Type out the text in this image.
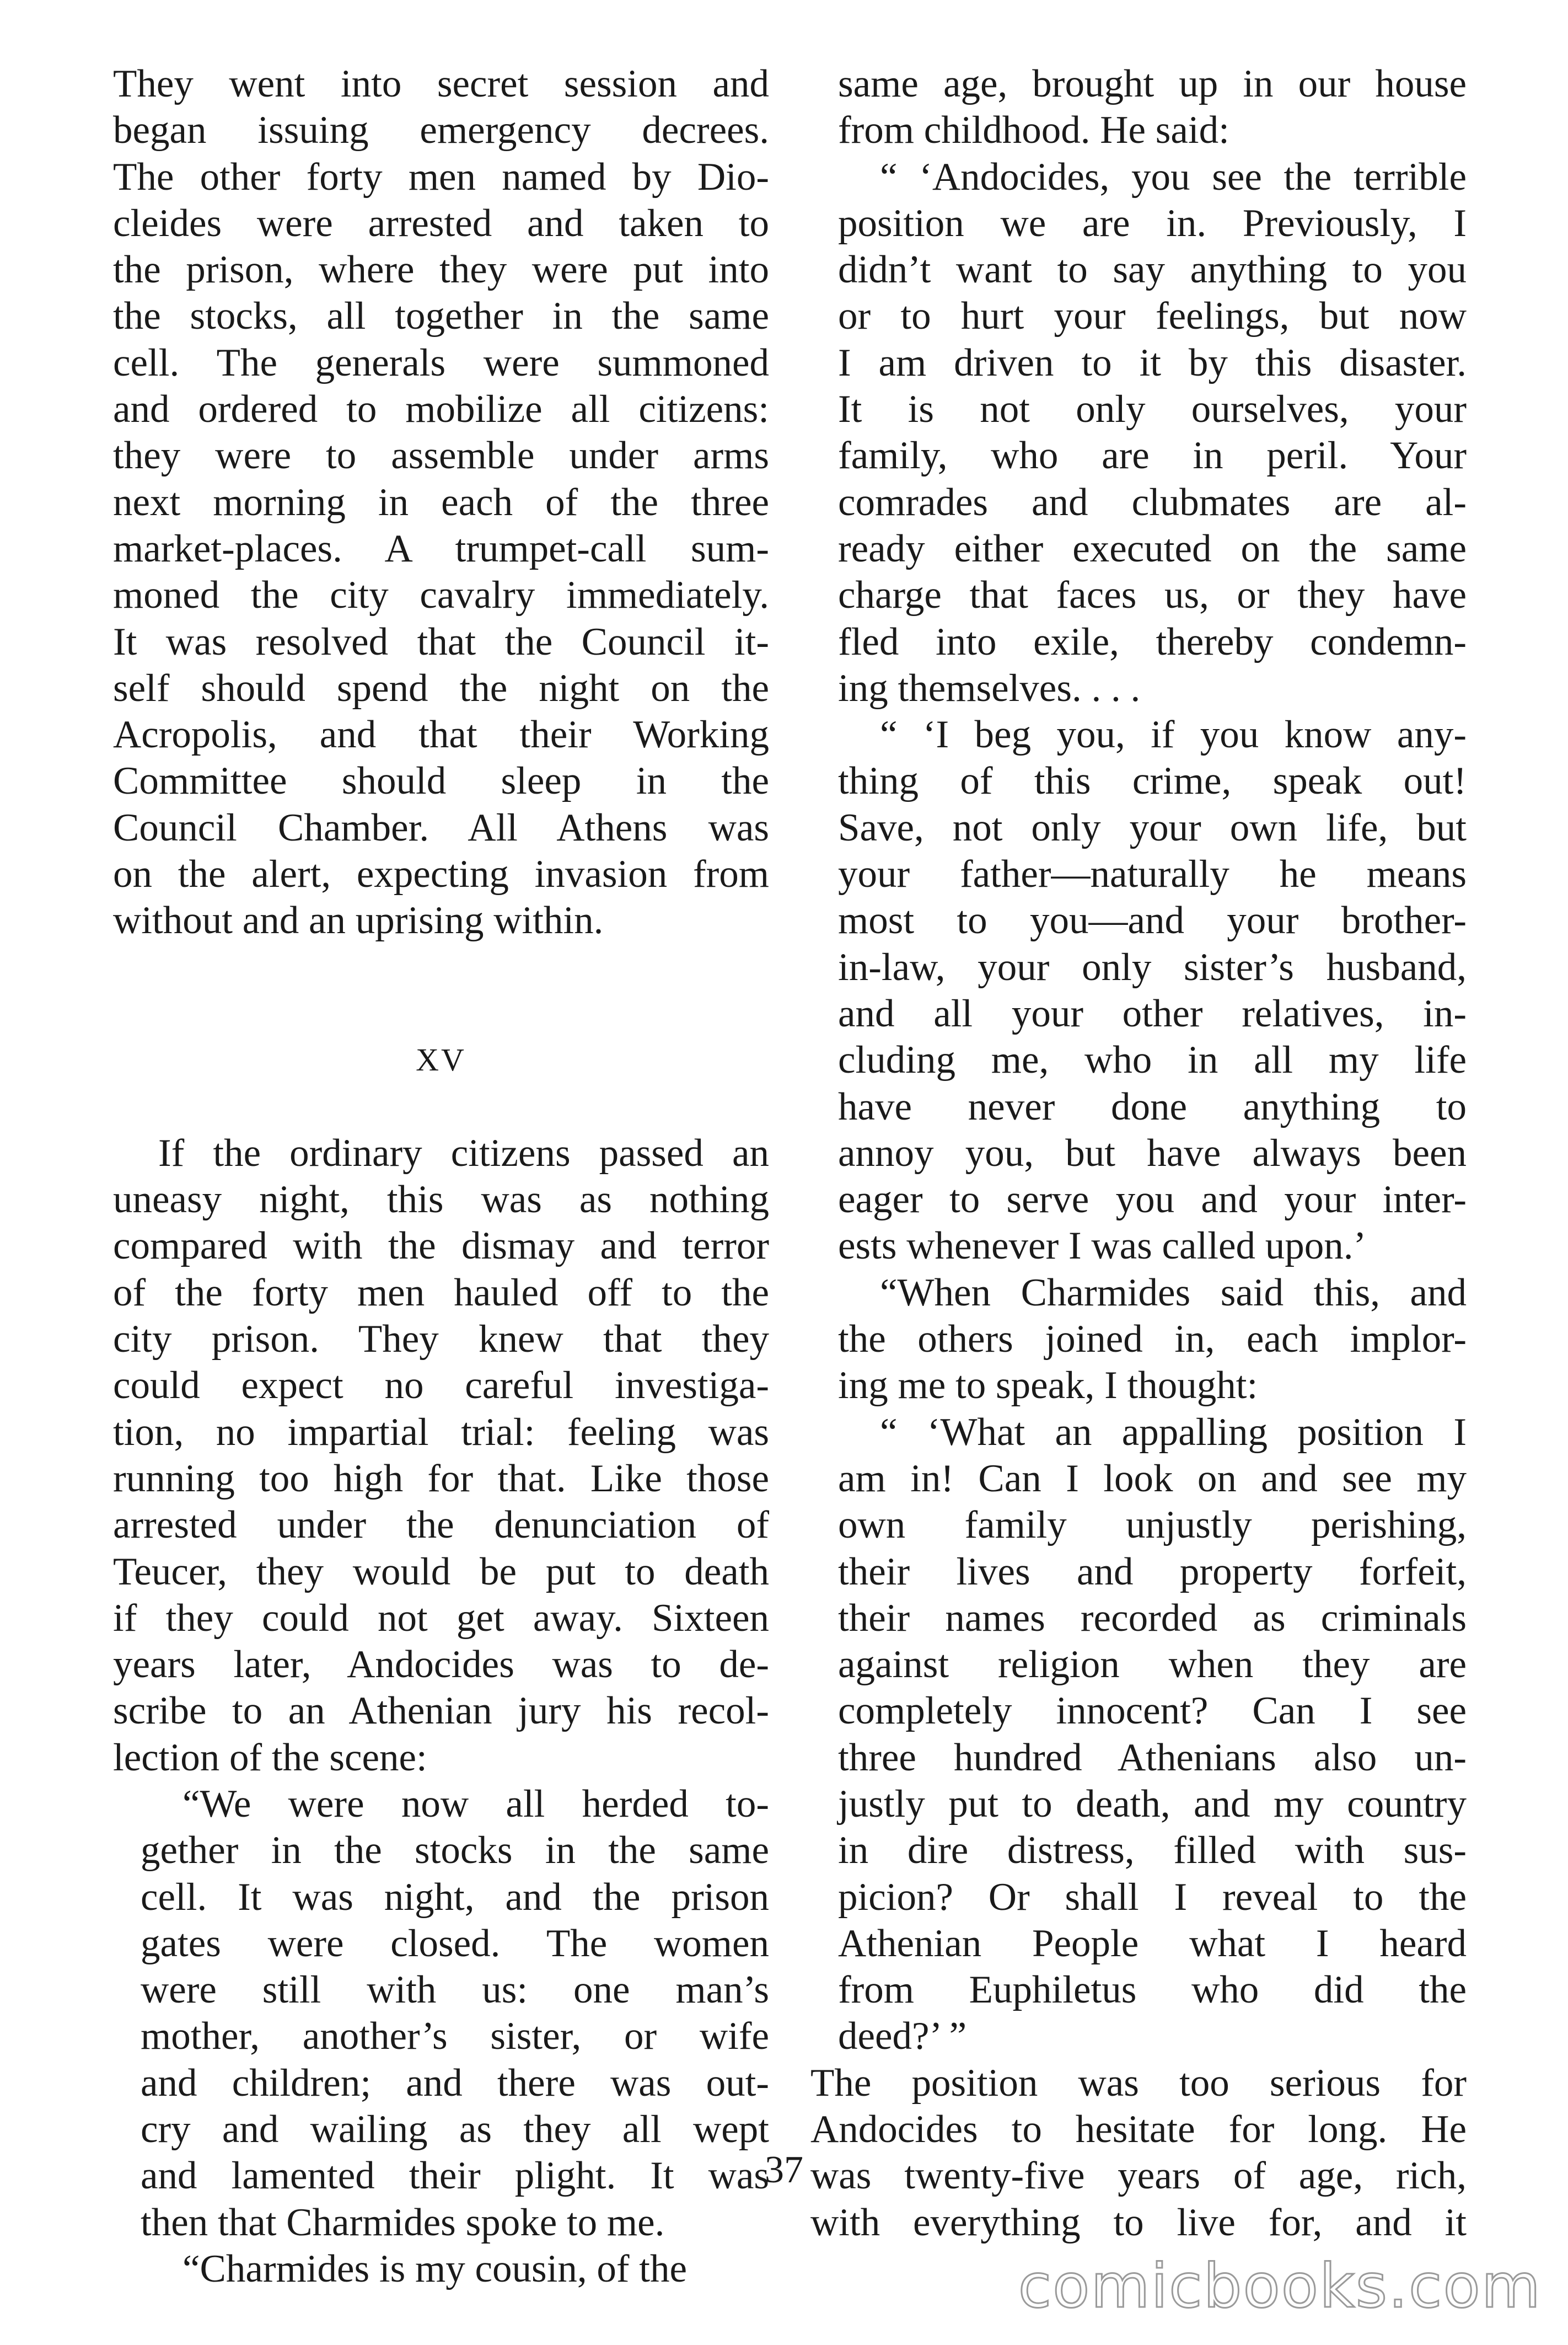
They went into secret session and
began issuing emergency decrees.
The other forty men named by Dio-
cleides were arrested and taken to
the prison, where they were put into
the stocks, all together in the same
cell. The generals were summoned
and ordered to mobilize all citizens:
they were to assemble under arms
next morning in each of the three
market-places. A trumpet-call sum-
moned the city cavalry immediately.
It was resolved that the Council it-
self should spend the night on the
Acropolis, and that their Working
Committee should sleep in the
Council Chamber. All Athens was
on the alert, expecting invasion from
without and an uprising within.
XV
If the ordinary citizens passed an
uneasy night, this was as nothing
compared with the dismay and terror
of the forty men hauled off to the
city prison. They knew that they
could expect no careful investiga-
tion, no impartial trial: feeling was
running too high for that. Like those
arrested under the denunciation of
Teucer, they would be put to death
if they could not get away. Sixteen
years later, Andocides was to de-
scribe to an Athenian jury his recol-
lection of the scene:
“We were now all herded to-
gether in the stocks in the same
cell. It was night, and the prison
gates were closed. The women
were still with us: one man’s
mother, another’s sister, or wife
and children; and there was out-
cry and wailing as they all wept
and lamented their plight. It was
then that Charmides spoke to me.
“Charmides is my cousin, of the
same age, brought up in our house
from childhood. He said:
“ ‘Andocides, you see the terrible
position we are in. Previously, I
didn’t want to say anything to you
or to hurt your feelings, but now
I am driven to it by this disaster.
It is not only ourselves, your
family, who are in peril. Your
comrades and clubmates are al-
ready either executed on the same
charge that faces us, or they have
fled into exile, thereby condemn-
ing themselves. . . .
“ ‘I beg you, if you know any-
thing of this crime, speak out!
Save, not only your own life, but
your father—naturally he means
most to you—and your brother-
in-law, your only sister’s husband,
and all your other relatives, in-
cluding me, who in all my life
have never done anything to
annoy you, but have always been
eager to serve you and your inter-
ests whenever I was called upon.’
“When Charmides said this, and
the others joined in, each implor-
ing me to speak, I thought:
“ ‘What an appalling position I
am in! Can I look on and see my
own family unjustly perishing,
their lives and property forfeit,
their names recorded as criminals
against religion when they are
completely innocent? Can I see
three hundred Athenians also un-
justly put to death, and my country
in dire distress, filled with sus-
picion? Or shall I reveal to the
Athenian People what I heard
from Euphiletus who did the
deed?’ ”
The position was too serious for
Andocides to hesitate for long. He
was twenty-five years of age, rich,
with everything to live for, and it
37
comicbooks.com
